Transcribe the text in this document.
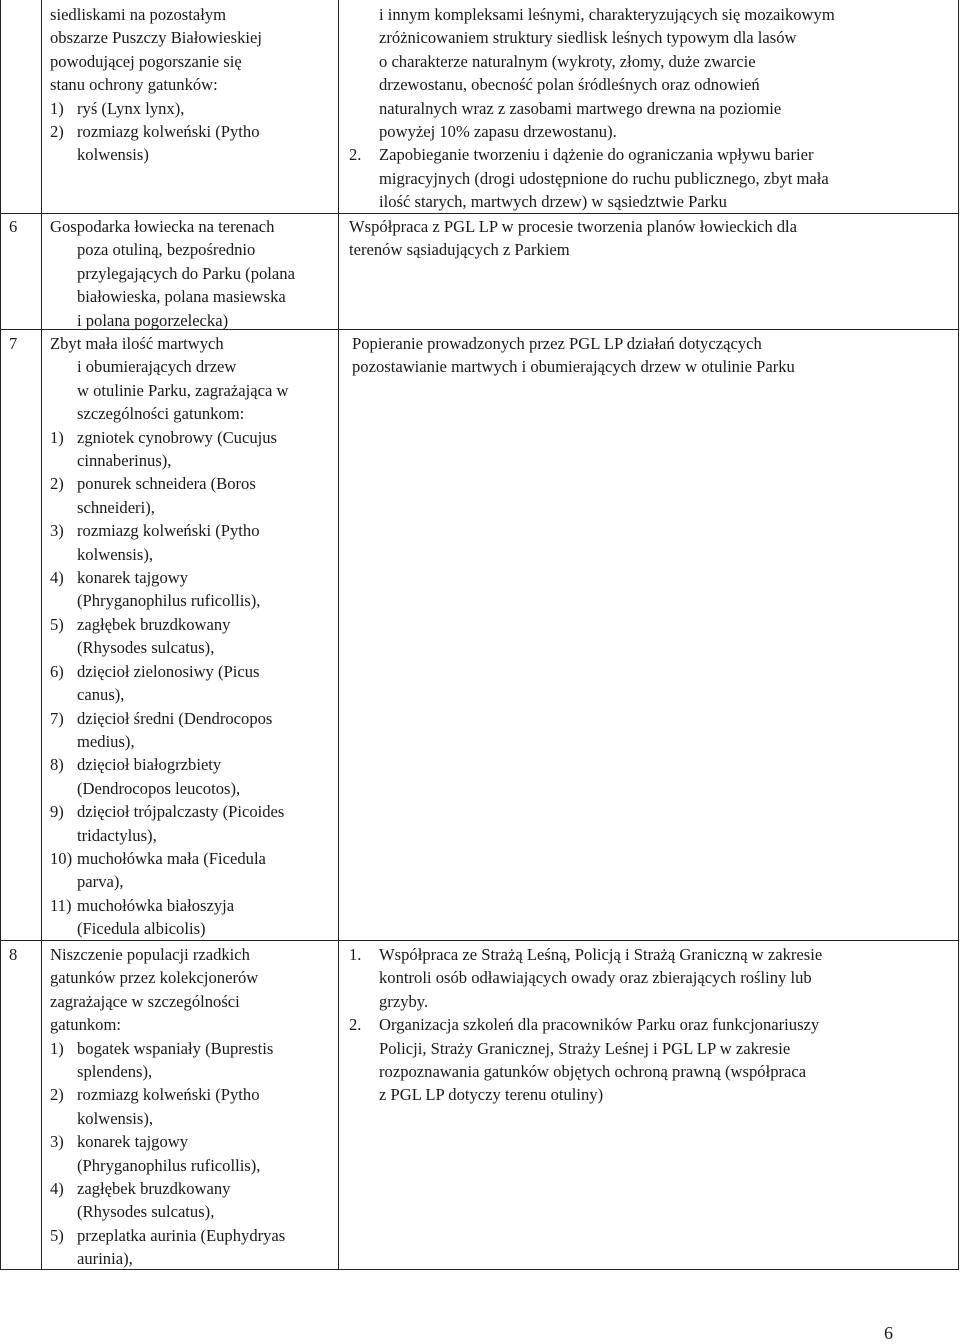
siedliskami na pozostałym

obszarze Puszczy Białowieskiej

powodującej pogorszanie się

stanu ochrony gatunków:

1) ryś (Lynx lynx),

2) rozmiazg kolweński (Pytho

kolwensis)

i innym kompleksami leśnymi, charakteryzujących się mozaikowym

zróżnicowaniem struktury siedlisk leśnych typowym dla lasów

o charakterze naturalnym (wykroty, złomy, duże zwarcie

drzewostanu, obecność polan śródleśnych oraz odnowień

naturalnych wraz z zasobami martwego drewna na poziomie

powyżej 10% zapasu drzewostanu).

2. Zapobieganie tworzeniu i dążenie do ograniczania wpływu barier

migracyjnych (drogi udostępnione do ruchu publicznego, zbyt mała

ilość starych, martwych drzew) w sąsiedztwie Parku

6 Gospodarka łowiecka na terenach

poza otuliną, bezpośrednio

przylegających do Parku (polana

białowieska, polana masiewska

i polana pogorzelecka)

Współpraca z PGL LP w procesie tworzenia planów łowieckich dla

terenów sąsiadujących z Parkiem

7 Zbyt mała ilość martwych

i obumierających drzew

w otulinie Parku, zagrażająca w

szczególności gatunkom:

1) zgniotek cynobrowy (Cucujus

cinnaberinus),

2) ponurek schneidera (Boros

schneideri),

3) rozmiazg kolweński (Pytho

kolwensis),

4) konarek tajgowy

(Phryganophilus ruficollis),

5) zagłębek bruzdkowany

(Rhysodes sulcatus),

6) dzięcioł zielonosiwy (Picus

canus),

7) dzięcioł średni (Dendrocopos

medius),

8) dzięcioł białogrzbiety

(Dendrocopos leucotos),

9) dzięcioł trójpalczasty (Picoides

tridactylus),

10) muchołówka mała (Ficedula

parva),

11) muchołówka białoszyja

(Ficedula albicolis)

Popieranie prowadzonych przez PGL LP działań dotyczących

pozostawianie martwych i obumierających drzew w otulinie Parku

8 Niszczenie populacji rzadkich

gatunków przez kolekcjonerów

zagrażające w szczególności

gatunkom:

1) bogatek wspaniały (Buprestis

splendens),

2) rozmiazg kolweński (Pytho

kolwensis),

3) konarek tajgowy

(Phryganophilus ruficollis),

4) zagłębek bruzdkowany

(Rhysodes sulcatus),

5) przeplatka aurinia (Euphydryas

aurinia),

1. Współpraca ze Strażą Leśną, Policją i Strażą Graniczną w zakresie

kontroli osób odławiających owady oraz zbierających rośliny lub

grzyby.

2. Organizacja szkoleń dla pracowników Parku oraz funkcjonariuszy

Policji, Straży Granicznej, Straży Leśnej i PGL LP w zakresie

rozpoznawania gatunków objętych ochroną prawną (współpraca

z PGL LP dotyczy terenu otuliny)

6
